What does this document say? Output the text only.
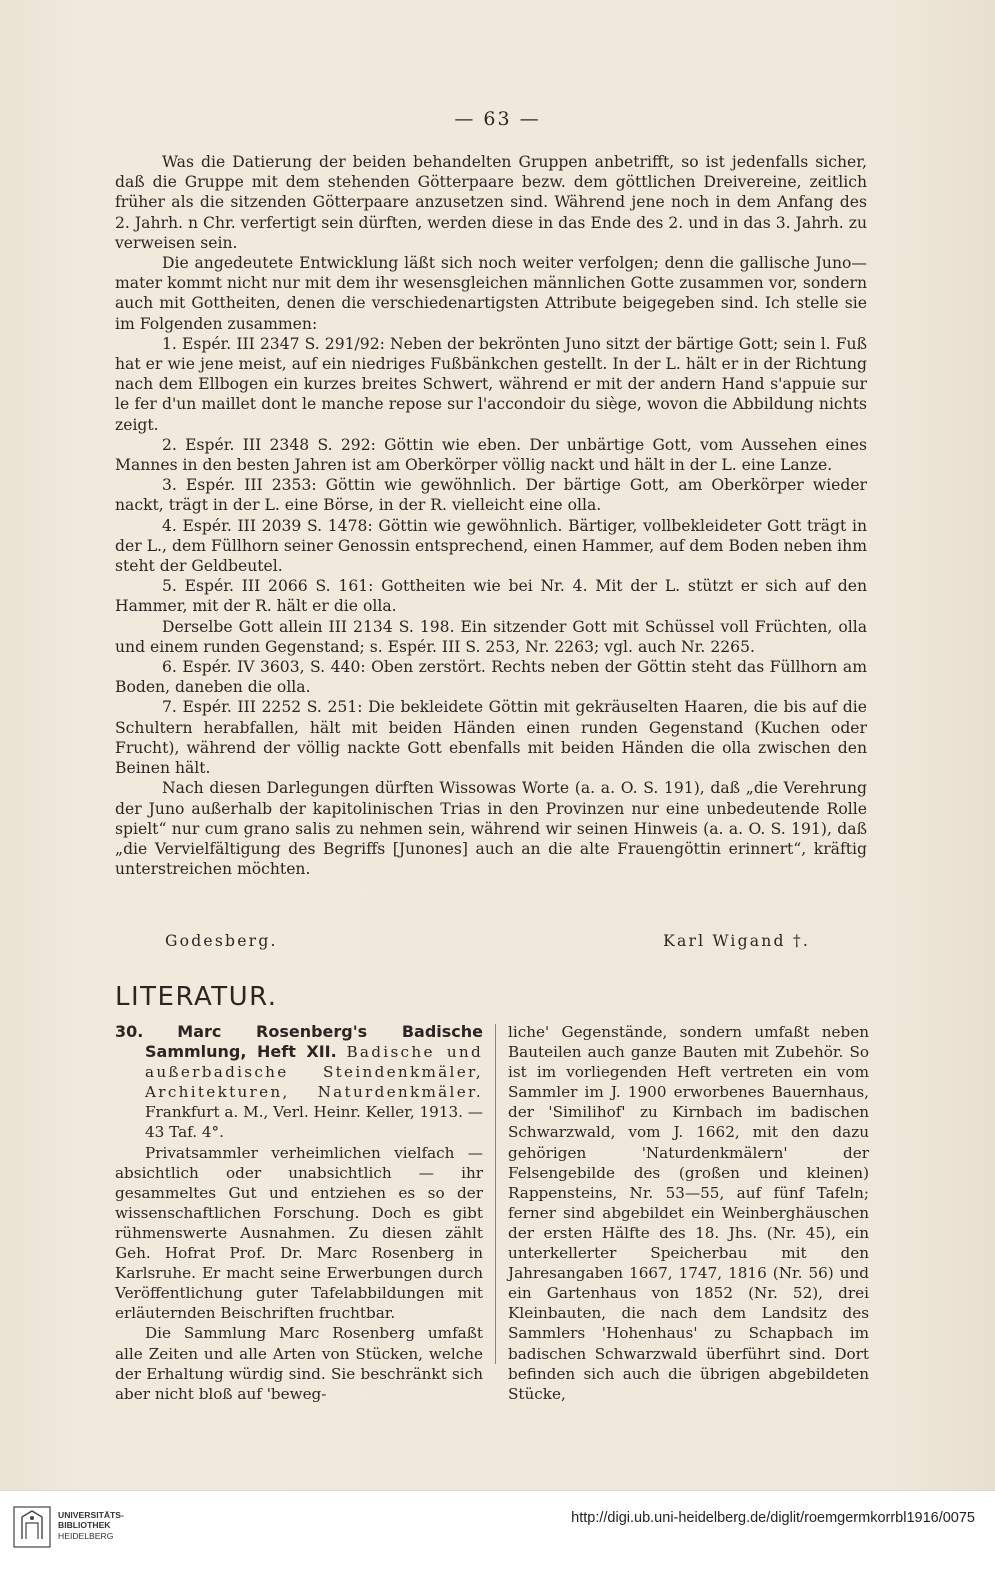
— 63 —

Was die Datierung der beiden behandelten Gruppen anbetrifft, so ist jedenfalls sicher, daß die Gruppe mit dem stehenden Götterpaare bezw. dem göttlichen Dreivereine, zeitlich früher als die sitzenden Götterpaare anzusetzen sind. Während jene noch in dem Anfang des 2. Jahrh. n Chr. verfertigt sein dürften, werden diese in das Ende des 2. und in das 3. Jahrh. zu verweisen sein.

Die angedeutete Entwicklung läßt sich noch weiter verfolgen; denn die gallische Juno—mater kommt nicht nur mit dem ihr wesensgleichen männlichen Gotte zusammen vor, sondern auch mit Gottheiten, denen die verschiedenartigsten Attribute beigegeben sind. Ich stelle sie im Folgenden zusammen:

1. Espér. III 2347 S. 291/92: Neben der bekrönten Juno sitzt der bärtige Gott; sein l. Fuß hat er wie jene meist, auf ein niedriges Fußbänkchen gestellt. In der L. hält er in der Richtung nach dem Ellbogen ein kurzes breites Schwert, während er mit der andern Hand s'appuie sur le fer d'un maillet dont le manche repose sur l'accondoir du siège, wovon die Abbildung nichts zeigt.

2. Espér. III 2348 S. 292: Göttin wie eben. Der unbärtige Gott, vom Aussehen eines Mannes in den besten Jahren ist am Oberkörper völlig nackt und hält in der L. eine Lanze.

3. Espér. III 2353: Göttin wie gewöhnlich. Der bärtige Gott, am Oberkörper wieder nackt, trägt in der L. eine Börse, in der R. vielleicht eine olla.

4. Espér. III 2039 S. 1478: Göttin wie gewöhnlich. Bärtiger, vollbekleideter Gott trägt in der L., dem Füllhorn seiner Genossin entsprechend, einen Hammer, auf dem Boden neben ihm steht der Geldbeutel.

5. Espér. III 2066 S. 161: Gottheiten wie bei Nr. 4. Mit der L. stützt er sich auf den Hammer, mit der R. hält er die olla.

Derselbe Gott allein III 2134 S. 198. Ein sitzender Gott mit Schüssel voll Früchten, olla und einem runden Gegenstand; s. Espér. III S. 253, Nr. 2263; vgl. auch Nr. 2265.

6. Espér. IV 3603, S. 440: Oben zerstört. Rechts neben der Göttin steht das Füllhorn am Boden, daneben die olla.

7. Espér. III 2252 S. 251: Die bekleidete Göttin mit gekräuselten Haaren, die bis auf die Schultern herabfallen, hält mit beiden Händen einen runden Gegenstand (Kuchen oder Frucht), während der völlig nackte Gott ebenfalls mit beiden Händen die olla zwischen den Beinen hält.

Nach diesen Darlegungen dürften Wissowas Worte (a. a. O. S. 191), daß „die Verehrung der Juno außerhalb der kapitolinischen Trias in den Provinzen nur eine unbedeutende Rolle spielt“ nur cum grano salis zu nehmen sein, während wir seinen Hinweis (a. a. O. S. 191), daß „die Vervielfältigung des Begriffs [Junones] auch an die alte Frauengöttin erinnert“, kräftig unterstreichen möchten.

Godesberg.	Karl Wigand †.
LITERATUR.

30. Marc Rosenberg's Badische Sammlung, Heft XII. Badische und außerbadische Steindenkmäler, Architekturen, Naturdenkmäler. Frankfurt a. M., Verl. Heinr. Keller, 1913. — 43 Taf. 4°.

Privatsammler verheimlichen vielfach — absichtlich oder unabsichtlich — ihr gesammeltes Gut und entziehen es so der wissenschaftlichen Forschung. Doch es gibt rühmenswerte Ausnahmen. Zu diesen zählt Geh. Hofrat Prof. Dr. Marc Rosenberg in Karlsruhe. Er macht seine Erwerbungen durch Veröffentlichung guter Tafelabbildungen mit erläuternden Beischriften fruchtbar.

Die Sammlung Marc Rosenberg umfaßt alle Zeiten und alle Arten von Stücken, welche der Erhaltung würdig sind. Sie beschränkt sich aber nicht bloß auf 'beweg-

liche' Gegenstände, sondern umfaßt neben Bauteilen auch ganze Bauten mit Zubehör. So ist im vorliegenden Heft vertreten ein vom Sammler im J. 1900 erworbenes Bauernhaus, der 'Similihof' zu Kirnbach im badischen Schwarzwald, vom J. 1662, mit den dazu gehörigen 'Naturdenkmälern' der Felsengebilde des (großen und kleinen) Rappensteins, Nr. 53—55, auf fünf Tafeln; ferner sind abgebildet ein Weinberghäuschen der ersten Hälfte des 18. Jhs. (Nr. 45), ein unterkellerter Speicherbau mit den Jahresangaben 1667, 1747, 1816 (Nr. 56) und ein Gartenhaus von 1852 (Nr. 52), drei Kleinbauten, die nach dem Landsitz des Sammlers 'Hohenhaus' zu Schapbach im badischen Schwarzwald überführt sind. Dort befinden sich auch die übrigen abgebildeten Stücke,

UNIVERSITÄTS-
BIBLIOTHEK
HEIDELBERG
http://digi.ub.uni-heidelberg.de/diglit/roemgermkorrbl1916/0075
